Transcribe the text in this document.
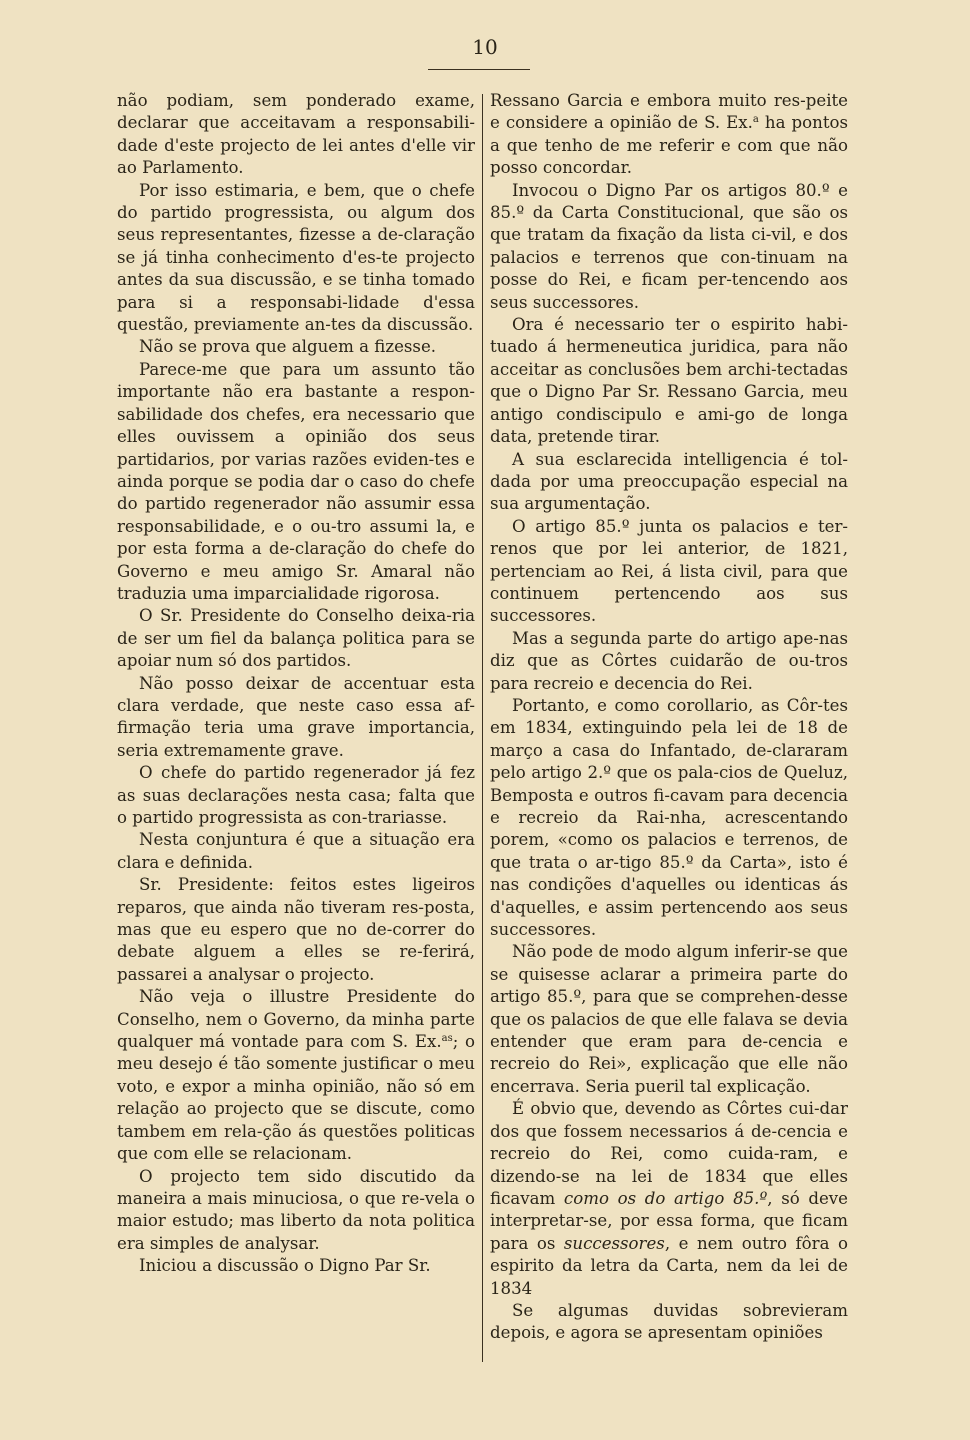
10

não podiam, sem ponderado exame, declarar que acceitavam a responsabili-dade d'este projecto de lei antes d'elle vir ao Parlamento.

Por isso estimaria, e bem, que o chefe do partido progressista, ou algum dos seus representantes, fizesse a de-claração se já tinha conhecimento d'es-te projecto antes da sua discussão, e se tinha tomado para si a responsabi-lidade d'essa questão, previamente an-tes da discussão.

Não se prova que alguem a fizesse.

Parece-me que para um assunto tão importante não era bastante a respon-sabilidade dos chefes, era necessario que elles ouvissem a opinião dos seus partidarios, por varias razões eviden-tes e ainda porque se podia dar o caso do chefe do partido regenerador não assumir essa responsabilidade, e o ou-tro assumi la, e por esta forma a de-claração do chefe do Governo e meu amigo Sr. Amaral não traduzia uma imparcialidade rigorosa.

O Sr. Presidente do Conselho deixa-ria de ser um fiel da balança politica para se apoiar num só dos partidos.

Não posso deixar de accentuar esta clara verdade, que neste caso essa af-firmação teria uma grave importancia, seria extremamente grave.

O chefe do partido regenerador já fez as suas declarações nesta casa; falta que o partido progressista as con-trariasse.

Nesta conjuntura é que a situação era clara e definida.

Sr. Presidente: feitos estes ligeiros reparos, que ainda não tiveram res-posta, mas que eu espero que no de-correr do debate alguem a elles se re-ferirá, passarei a analysar o projecto.

Não veja o illustre Presidente do Conselho, nem o Governo, da minha parte qualquer má vontade para com S. Ex.$^{as}$; o meu desejo é tão somente justificar o meu voto, e expor a minha opinião, não só em relação ao projecto que se discute, como tambem em rela-ção ás questões politicas que com elle se relacionam.

O projecto tem sido discutido da maneira a mais minuciosa, o que re-vela o maior estudo; mas liberto da nota politica era simples de analysar.

Iniciou a discussão o Digno Par Sr.

Ressano Garcia e embora muito res-peite e considere a opinião de S. Ex.$^a$ ha pontos a que tenho de me referir e com que não posso concordar.

Invocou o Digno Par os artigos 80.º e 85.º da Carta Constitucional, que são os que tratam da fixação da lista ci-vil, e dos palacios e terrenos que con-tinuam na posse do Rei, e ficam per-tencendo aos seus successores.

Ora é necessario ter o espirito habi-tuado á hermeneutica juridica, para não acceitar as conclusões bem archi-tectadas que o Digno Par Sr. Ressano Garcia, meu antigo condiscipulo e ami-go de longa data, pretende tirar.

A sua esclarecida intelligencia é tol-dada por uma preoccupação especial na sua argumentação.

O artigo 85.º junta os palacios e ter-renos que por lei anterior, de 1821, pertenciam ao Rei, á lista civil, para que continuem pertencendo aos sus successores.

Mas a segunda parte do artigo ape-nas diz que as Côrtes cuidarão de ou-tros para recreio e decencia do Rei.

Portanto, e como corollario, as Côr-tes em 1834, extinguindo pela lei de 18 de março a casa do Infantado, de-clararam pelo artigo 2.º que os pala-cios de Queluz, Bemposta e outros fi-cavam para decencia e recreio da Rai-nha, acrescentando porem, «como os palacios e terrenos, de que trata o ar-tigo 85.º da Carta», isto é nas condições d'aquelles ou identicas ás d'aquelles, e assim pertencendo aos seus successores.

Não pode de modo algum inferir-se que se quisesse aclarar a primeira parte do artigo 85.º, para que se comprehen-desse que os palacios de que elle falava se devia entender que eram para de-cencia e recreio do Rei», explicação que elle não encerrava. Seria pueril tal explicação.

É obvio que, devendo as Côrtes cui-dar dos que fossem necessarios á de-cencia e recreio do Rei, como cuida-ram, e dizendo-se na lei de 1834 que elles ficavam como os do artigo 85.º, só deve interpretar-se, por essa forma, que ficam para os successores, e nem outro fôra o espirito da letra da Carta, nem da lei de 1834

Se algumas duvidas sobrevieram depois, e agora se apresentam opiniões
